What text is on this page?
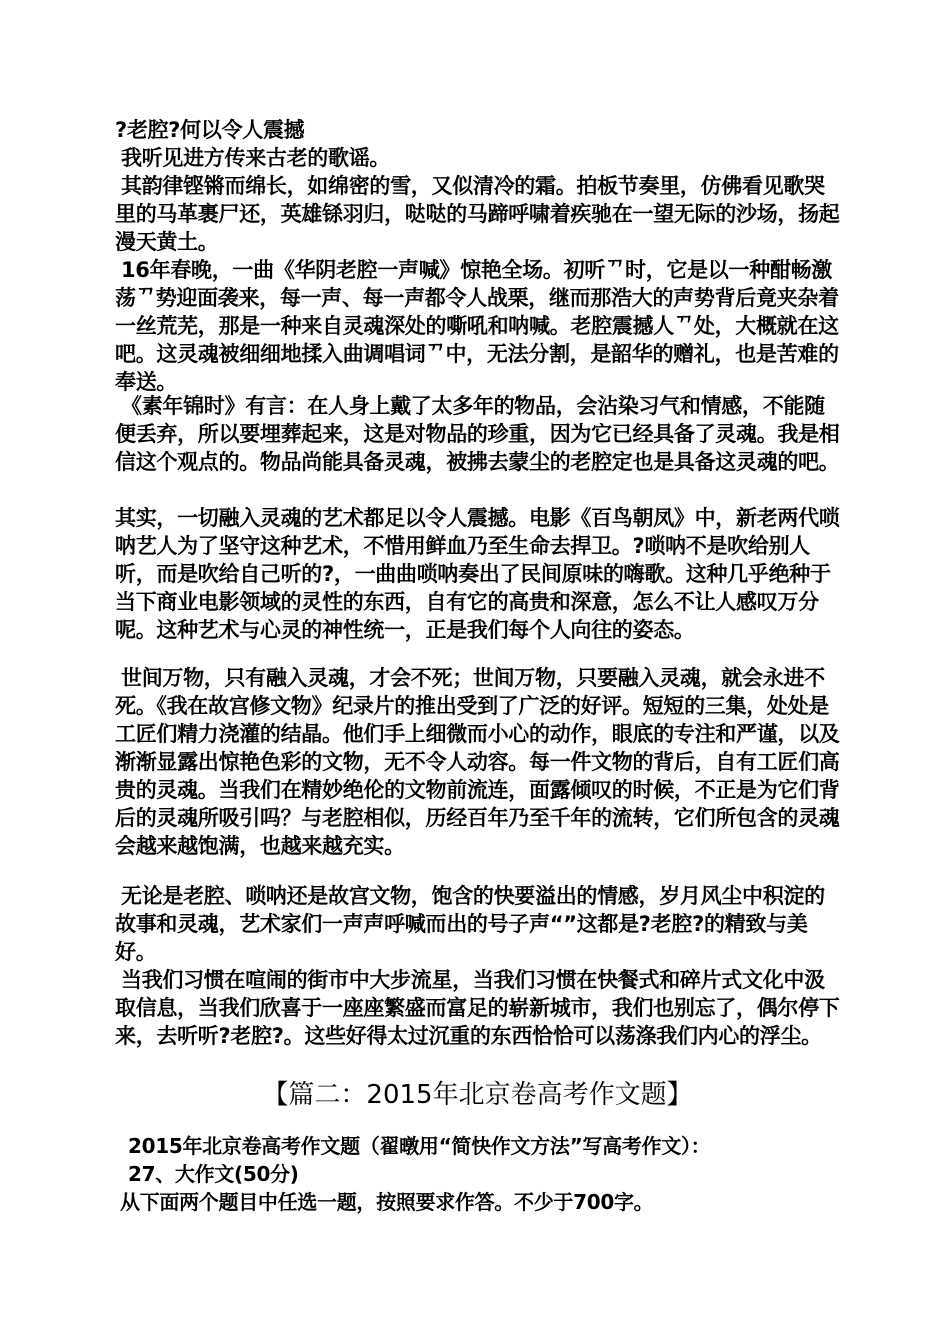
?老腔?何以令人震撼

我听见进方传来古老的歌谣。

其韵律铿锵而绵长，如绵密的雪，又似清冷的霜。拍板节奏里，仿佛看见歌哭里的马革裹尸还，英雄铩羽归，哒哒的马蹄呼啸着疾驰在一望无际的沙场，扬起漫天黄土。

16年春晚，一曲《华阴老腔一声喊》惊艳全场。初听ᄁ时，它是以一种酣畅激荡ᄁ势迎面袭来，每一声、每一声都令人战栗，继而那浩大的声势背后竟夹杂着一丝荒芜，那是一种来自灵魂深处的嘶吼和呐喊。老腔震撼人ᄁ处，大概就在这吧。这灵魂被细细地揉入曲调唱词ᄁ中，无法分割，是韶华的赠礼，也是苦难的奉送。

《素年锦时》有言：在人身上戴了太多年的物品，会沾染习气和情感，不能随便丢弃，所以要埋葬起来，这是对物品的珍重，因为它已经具备了灵魂。我是相信这个观点的。物品尚能具备灵魂，被拂去蒙尘的老腔定也是具备这灵魂的吧。

其实，一切融入灵魂的艺术都足以令人震撼。电影《百鸟朝凤》中，新老两代唢呐艺人为了坚守这种艺术，不惜用鲜血乃至生命去捍卫。?唢呐不是吹给别人听，而是吹给自己听的?，一曲曲唢呐奏出了民间原味的嗨歌。这种几乎绝种于当下商业电影领域的灵性的东西，自有它的高贵和深意，怎么不让人感叹万分呢。这种艺术与心灵的神性统一，正是我们每个人向往的姿态。

世间万物，只有融入灵魂，才会不死；世间万物，只要融入灵魂，就会永进不死。《我在故宫修文物》纪录片的推出受到了广泛的好评。短短的三集，处处是工匠们精力浇灌的结晶。他们手上细微而小心的动作，眼底的专注和严谨，以及渐渐显露出惊艳色彩的文物，无不令人动容。每一件文物的背后，自有工匠们高贵的灵魂。当我们在精妙绝伦的文物前流连，面露倾叹的时候，不正是为它们背后的灵魂所吸引吗？与老腔相似，历经百年乃至千年的流转，它们所包含的灵魂会越来越饱满，也越来越充实。

无论是老腔、唢呐还是故宫文物，饱含的快要溢出的情感，岁月风尘中积淀的故事和灵魂，艺术家们一声声呼喊而出的号子声“”这都是?老腔?的精致与美好。

当我们习惯在喧闹的街市中大步流星，当我们习惯在快餐式和碎片式文化中汲取信息，当我们欣喜于一座座繁盛而富足的崭新城市，我们也别忘了，偶尔停下来，去听听?老腔?。这些好得太过沉重的东西恰恰可以荡涤我们内心的浮尘。

【篇二：2015年北京卷高考作文题】

2015年北京卷高考作文题（翟暾用“简快作文方法”写高考作文）：

27、大作文(50分)

从下面两个题目中任选一题，按照要求作答。不少于700字。
